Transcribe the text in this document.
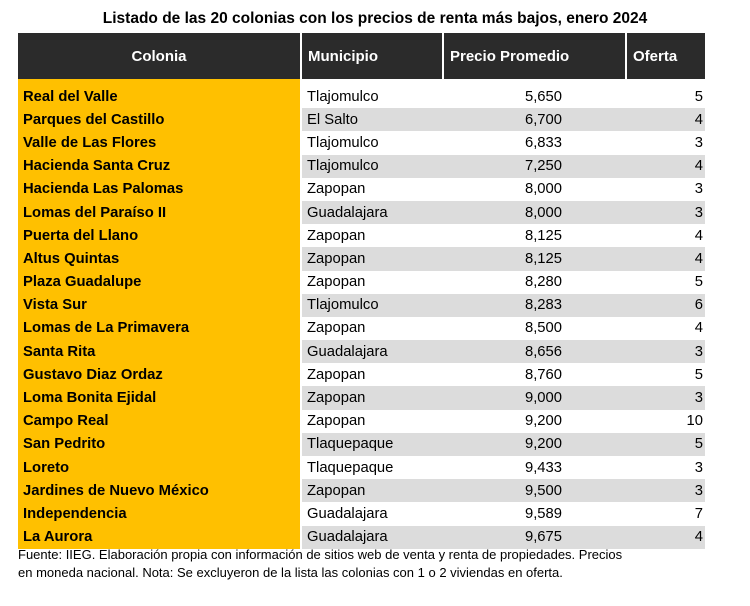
Listado de las 20 colonias con los precios de renta más bajos, enero 2024
Colonia	Municipio	Precio Promedio	Oferta
Real del Valle	Tlajomulco	5,650	5
Parques del Castillo	El Salto	6,700	4
Valle de Las Flores	Tlajomulco	6,833	3
Hacienda Santa Cruz	Tlajomulco	7,250	4
Hacienda Las Palomas	Zapopan	8,000	3
Lomas del Paraíso II	Guadalajara	8,000	3
Puerta del Llano	Zapopan	8,125	4
Altus Quintas	Zapopan	8,125	4
Plaza Guadalupe	Zapopan	8,280	5
Vista Sur	Tlajomulco	8,283	6
Lomas de La Primavera	Zapopan	8,500	4
Santa Rita	Guadalajara	8,656	3
Gustavo Diaz Ordaz	Zapopan	8,760	5
Loma Bonita Ejidal	Zapopan	9,000	3
Campo Real	Zapopan	9,200	10
San Pedrito	Tlaquepaque	9,200	5
Loreto	Tlaquepaque	9,433	3
Jardines de Nuevo México	Zapopan	9,500	3
Independencia	Guadalajara	9,589	7
La Aurora	Guadalajara	9,675	4
Fuente: IIEG. Elaboración propia con información de sitios web de venta y renta de propiedades. Precios
en moneda nacional. Nota: Se excluyeron de la lista las colonias con 1 o 2 viviendas en oferta.
